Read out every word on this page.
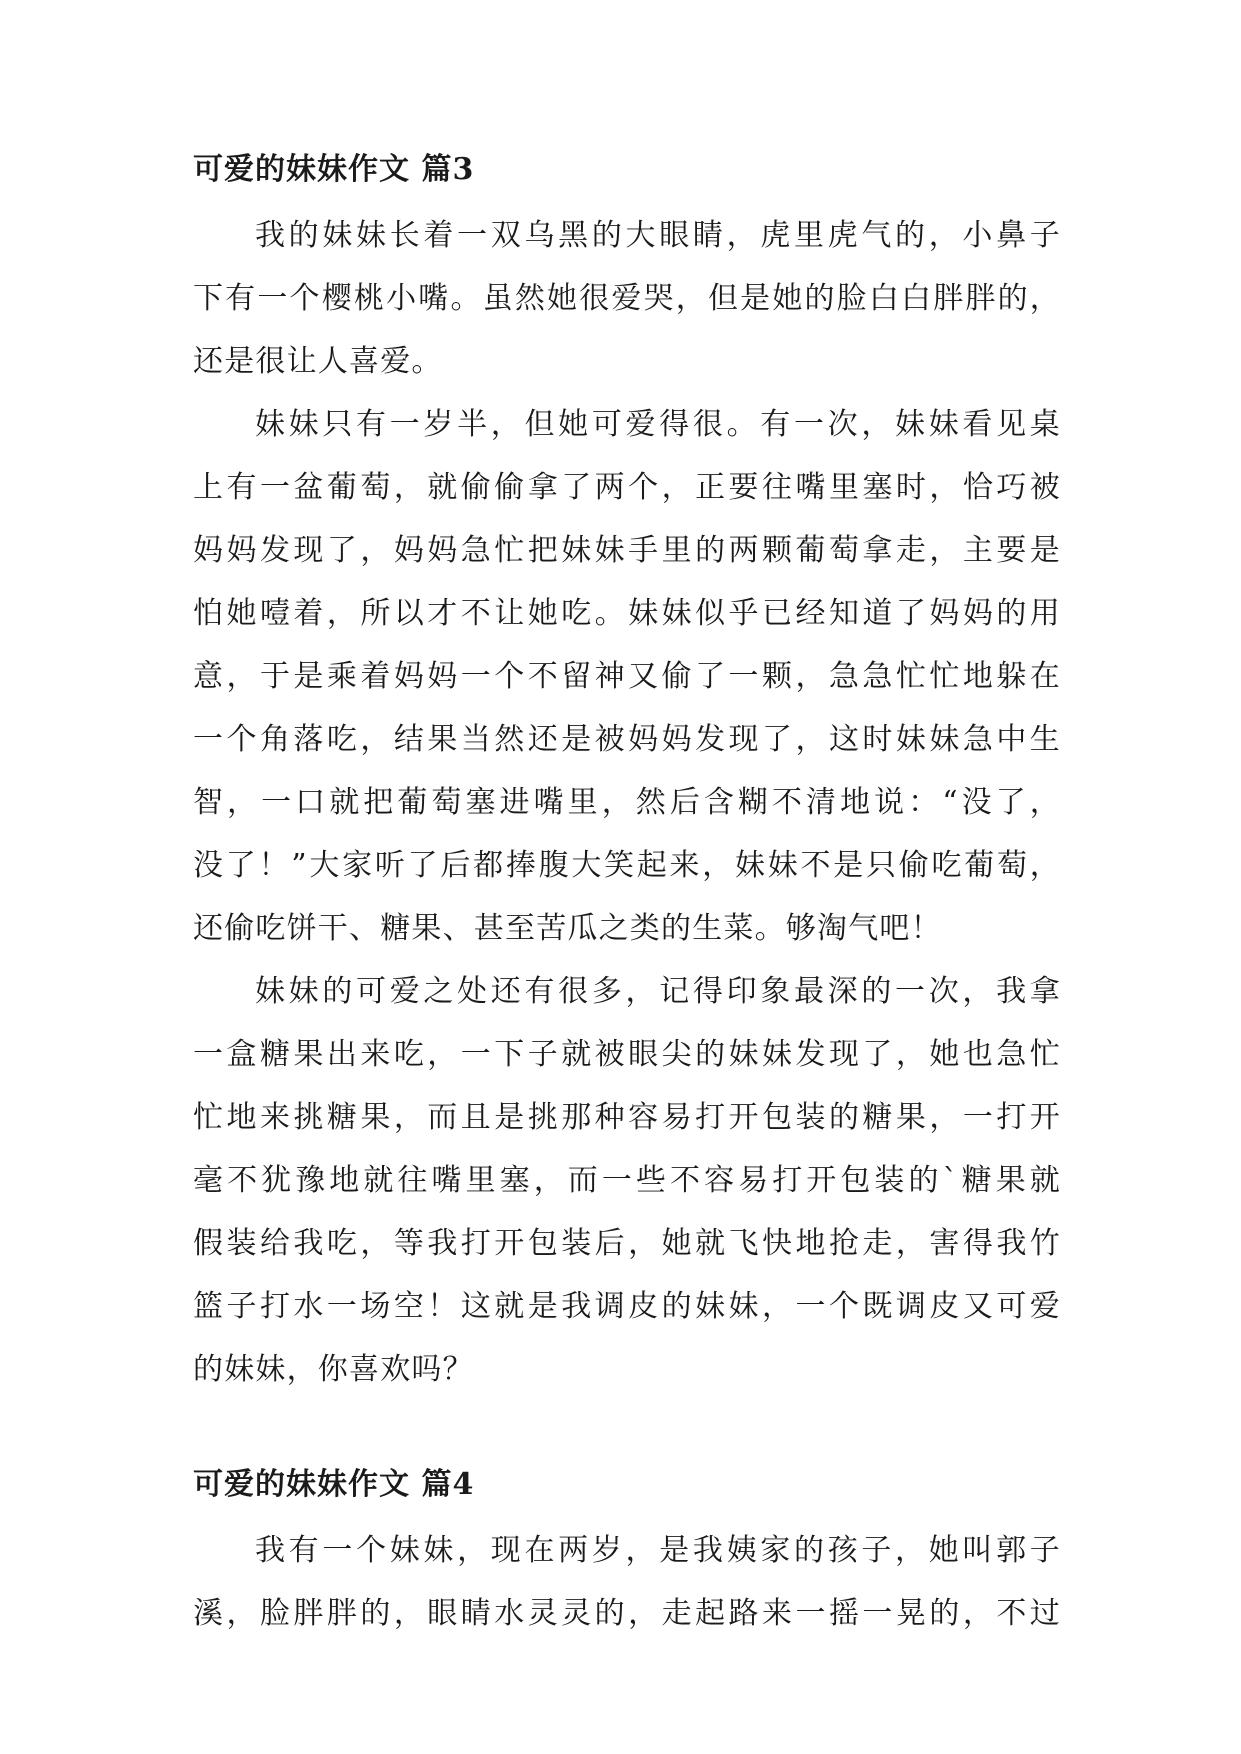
可爱的妹妹作文 篇3

我的妹妹长着一双乌黑的大眼睛，虎里虎气的，小鼻子
下有一个樱桃小嘴。虽然她很爱哭，但是她的脸白白胖胖的，
还是很让人喜爱。

妹妹只有一岁半，但她可爱得很。有一次，妹妹看见桌
上有一盆葡萄，就偷偷拿了两个，正要往嘴里塞时，恰巧被
妈妈发现了，妈妈急忙把妹妹手里的两颗葡萄拿走，主要是
怕她噎着，所以才不让她吃。妹妹似乎已经知道了妈妈的用
意，于是乘着妈妈一个不留神又偷了一颗，急急忙忙地躲在
一个角落吃，结果当然还是被妈妈发现了，这时妹妹急中生
智，一口就把葡萄塞进嘴里，然后含糊不清地说：“没了，
没了！”大家听了后都捧腹大笑起来，妹妹不是只偷吃葡萄，
还偷吃饼干、糖果、甚至苦瓜之类的生菜。够淘气吧！

妹妹的可爱之处还有很多，记得印象最深的一次，我拿
一盒糖果出来吃，一下子就被眼尖的妹妹发现了，她也急忙
忙地来挑糖果，而且是挑那种容易打开包装的糖果，一打开
毫不犹豫地就往嘴里塞，而一些不容易打开包装的`糖果就
假装给我吃，等我打开包装后，她就飞快地抢走，害得我竹
篮子打水一场空！这就是我调皮的妹妹，一个既调皮又可爱
的妹妹，你喜欢吗？

可爱的妹妹作文 篇4

我有一个妹妹，现在两岁，是我姨家的孩子，她叫郭子
溪，脸胖胖的，眼睛水灵灵的，走起路来一摇一晃的，不过
